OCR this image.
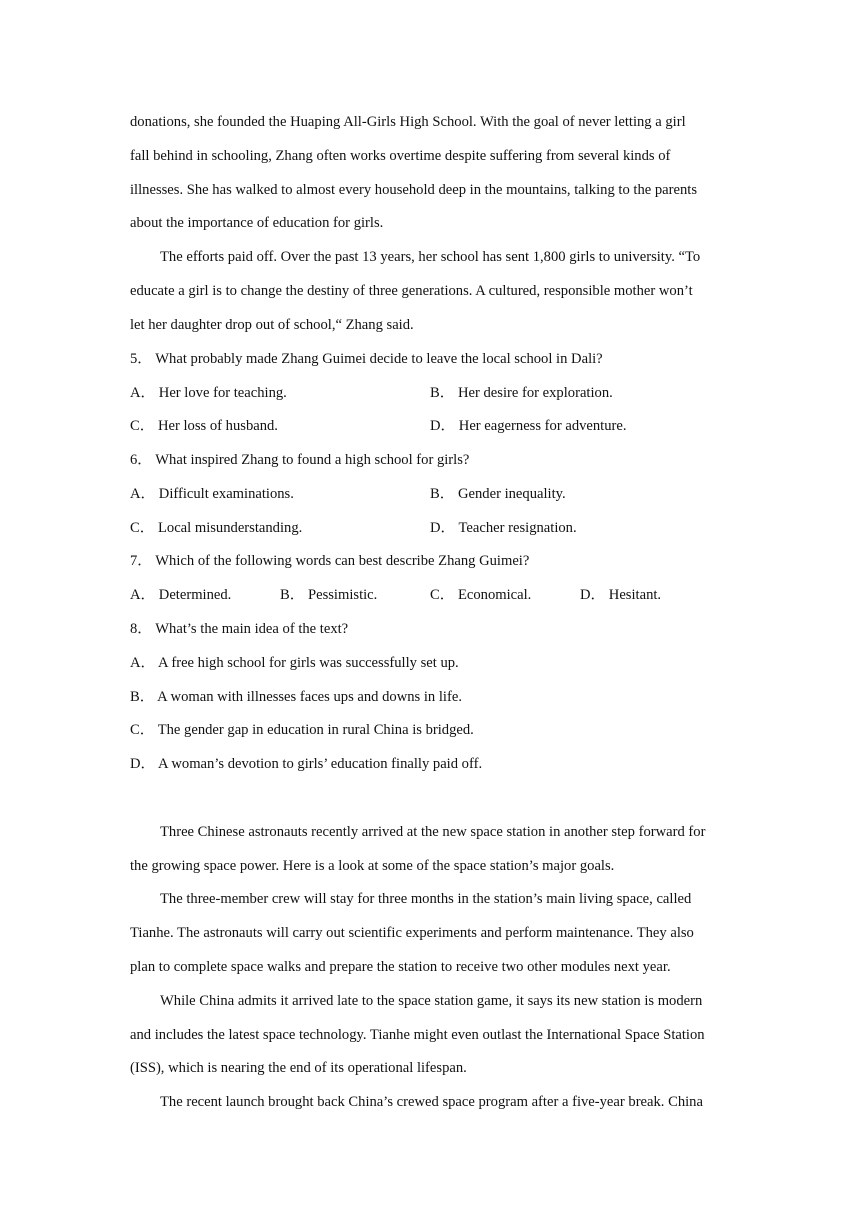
donations, she founded the Huaping All-Girls High School. With the goal of never letting a girl
fall behind in schooling, Zhang often works overtime despite suffering from several kinds of
illnesses. She has walked to almost every household deep in the mountains, talking to the parents
about the importance of education for girls.
The efforts paid off. Over the past 13 years, her school has sent 1,800 girls to university. “To
educate a girl is to change the destiny of three generations. A cultured, responsible mother won’t
let her daughter drop out of school,“ Zhang said.
5． What probably made Zhang Guimei decide to leave the local school in Dali?
A． Her love for teaching.	B． Her desire for exploration.
C． Her loss of husband.	D． Her eagerness for adventure.
6． What inspired Zhang to found a high school for girls?
A． Difficult examinations.	B． Gender inequality.
C． Local misunderstanding.	D． Teacher resignation.
7． Which of the following words can best describe Zhang Guimei?
A． Determined.	B． Pessimistic.	C． Economical.	D． Hesitant.
8． What’s the main idea of the text?
A． A free high school for girls was successfully set up.
B． A woman with illnesses faces ups and downs in life.
C． The gender gap in education in rural China is bridged.
D． A woman’s devotion to girls’ education finally paid off.
Three Chinese astronauts recently arrived at the new space station in another step forward for
the growing space power. Here is a look at some of the space station’s major goals.
The three-member crew will stay for three months in the station’s main living space, called
Tianhe. The astronauts will carry out scientific experiments and perform maintenance. They also
plan to complete space walks and prepare the station to receive two other modules next year.
While China admits it arrived late to the space station game, it says its new station is modern
and includes the latest space technology. Tianhe might even outlast the International Space Station
(ISS), which is nearing the end of its operational lifespan.
The recent launch brought back China’s crewed space program after a five-year break. China
